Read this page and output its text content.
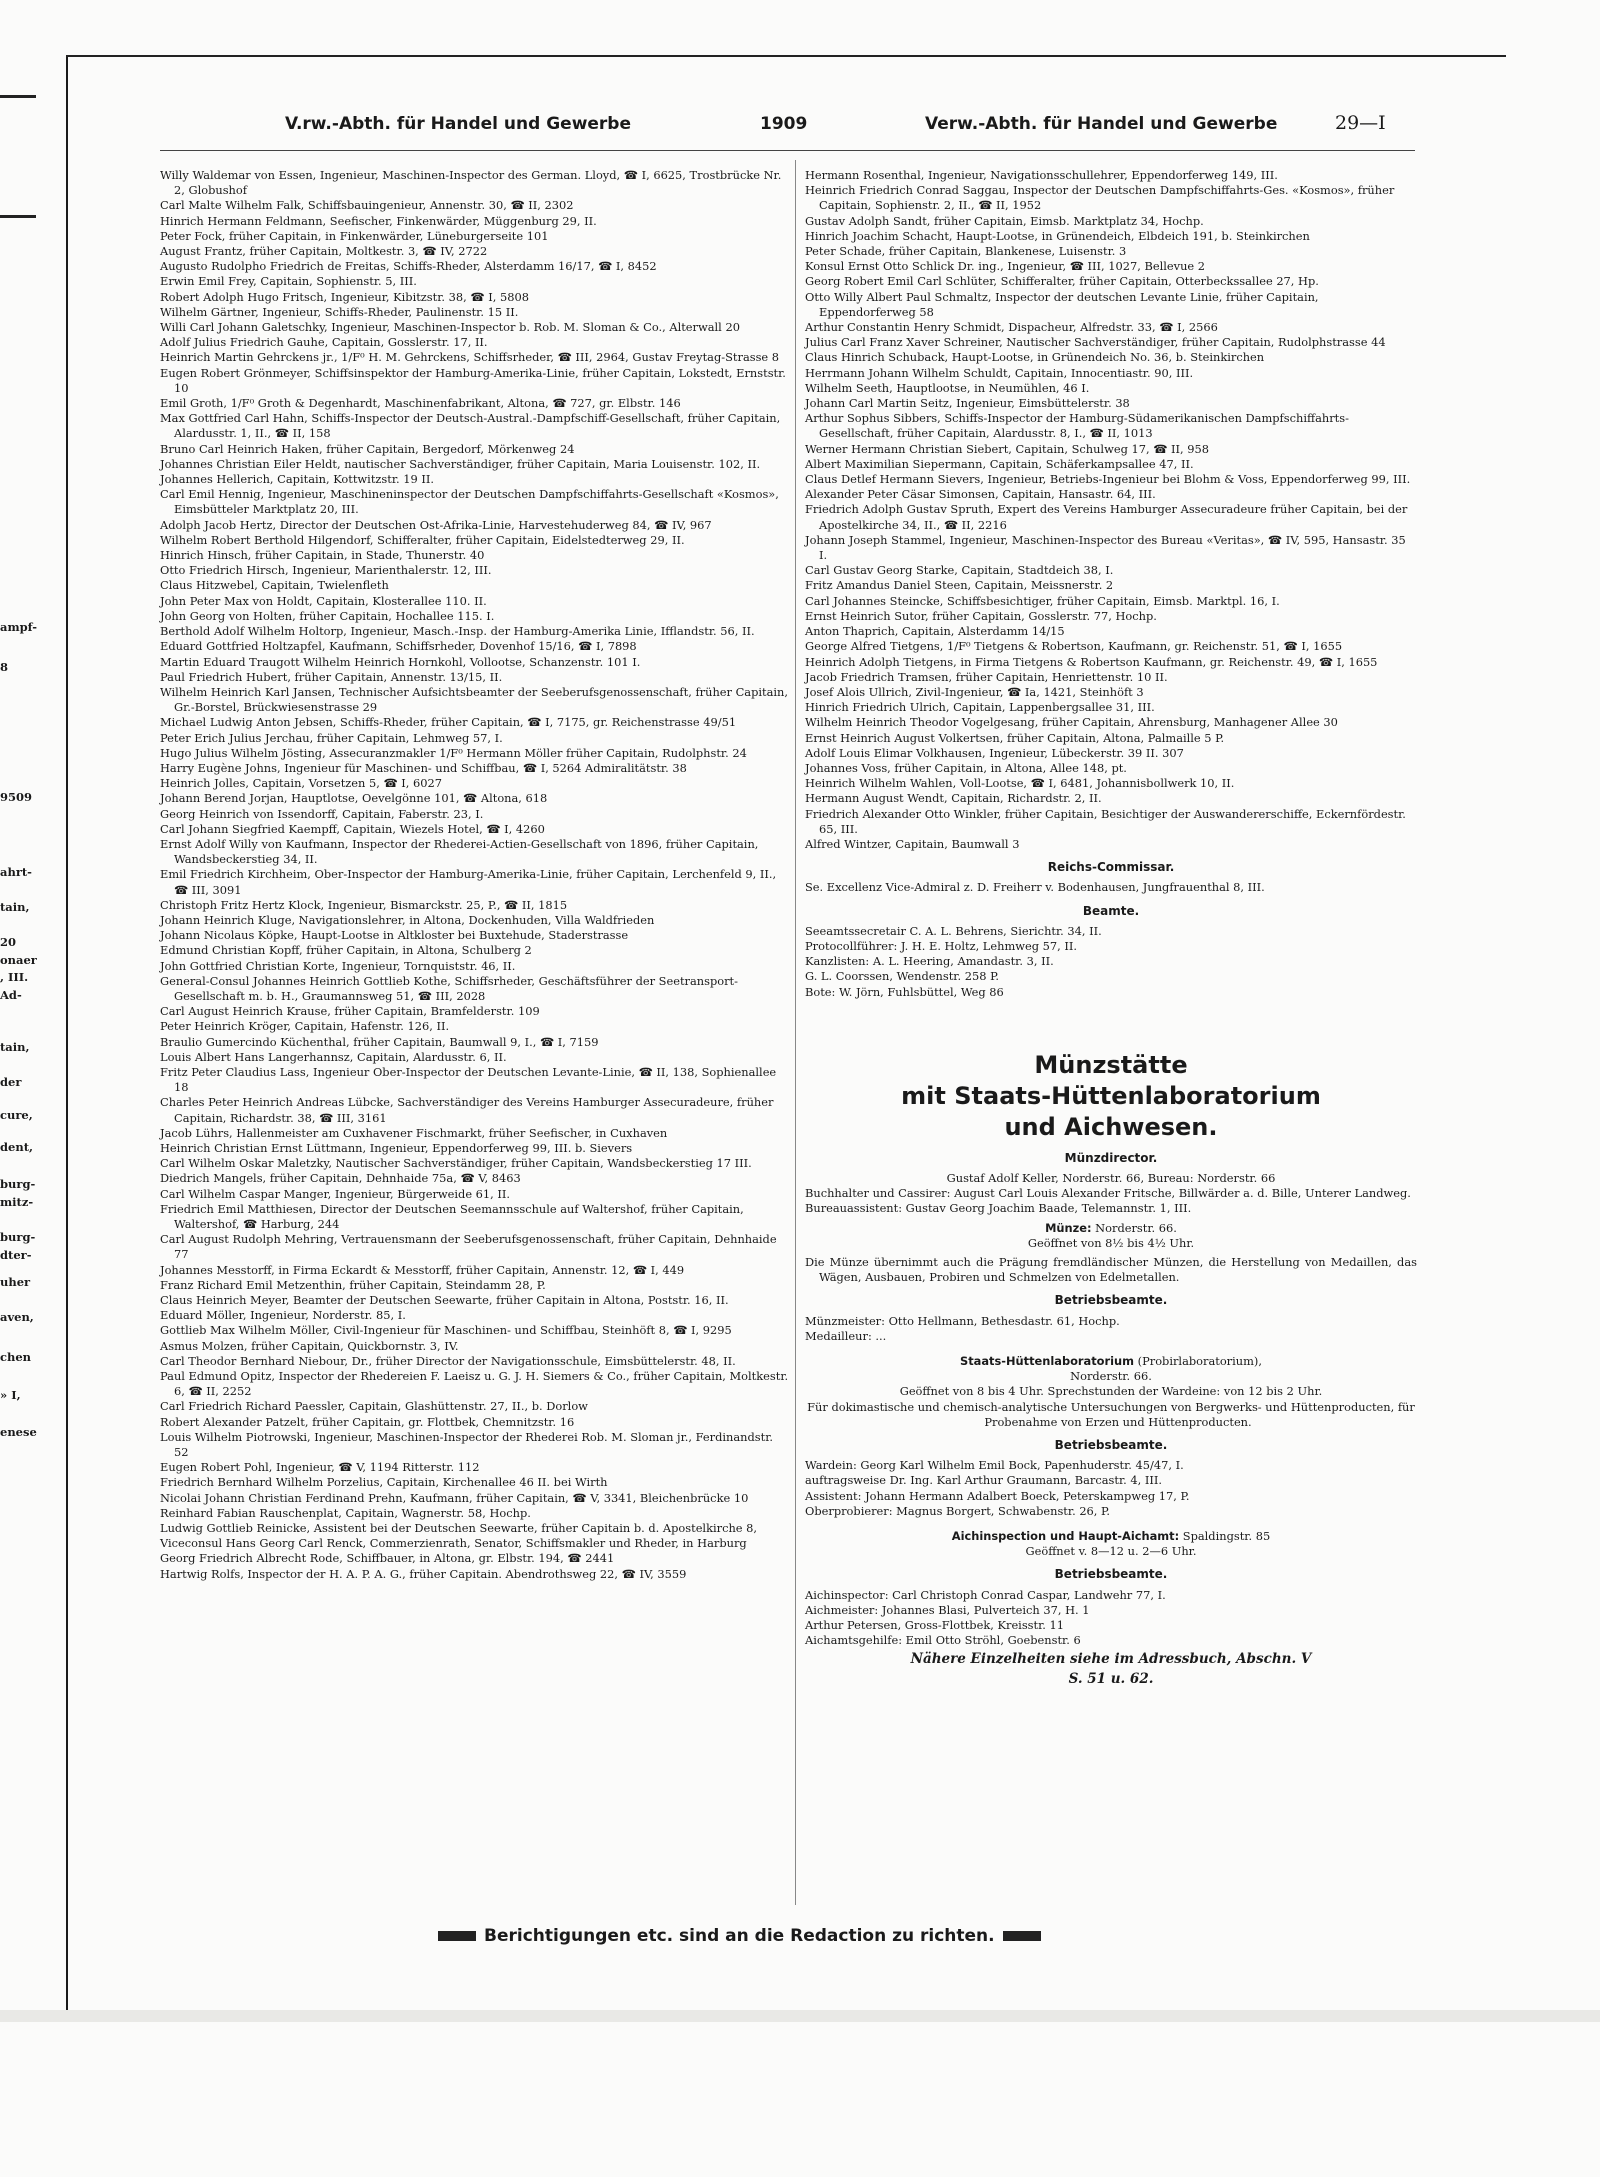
ampf-
8
9509
ahrt-
tain,
20
onaer
, III.
Ad-
tain,
der
cure,
dent,
burg-
mitz-
burg-
dter-
uher
aven,
chen
» I,
enese
V.rw.-Abth. für Handel und Gewerbe	1909	Verw.-Abth. für Handel und Gewerbe	29—I

Willy Waldemar von Essen, Ingenieur, Maschinen-Inspector des German. Lloyd, ☎ I, 6625, Trostbrücke Nr. 2, Globushof

Carl Malte Wilhelm Falk, Schiffsbauingenieur, Annenstr. 30, ☎ II, 2302

Hinrich Hermann Feldmann, Seefischer, Finkenwärder, Müggenburg 29, II.

Peter Fock, früher Capitain, in Finkenwärder, Lüneburgerseite 101

August Frantz, früher Capitain, Moltkestr. 3, ☎ IV, 2722

Augusto Rudolpho Friedrich de Freitas, Schiffs-Rheder, Alsterdamm 16/17, ☎ I, 8452

Erwin Emil Frey, Capitain, Sophienstr. 5, III.

Robert Adolph Hugo Fritsch, Ingenieur, Kibitzstr. 38, ☎ I, 5808

Wilhelm Gärtner, Ingenieur, Schiffs-Rheder, Paulinenstr. 15 II.

Willi Carl Johann Galetschky, Ingenieur, Maschinen-Inspector b. Rob. M. Sloman & Co., Alterwall 20

Adolf Julius Friedrich Gauhe, Capitain, Gosslerstr. 17, II.

Heinrich Martin Gehrckens jr., 1/F⁰ H. M. Gehrckens, Schiffsrheder, ☎ III, 2964, Gustav Freytag-Strasse 8

Eugen Robert Grönmeyer, Schiffsinspektor der Hamburg-Amerika-Linie, früher Capitain, Lokstedt, Ernststr. 10

Emil Groth, 1/F⁰ Groth & Degenhardt, Maschinenfabrikant, Altona, ☎ 727, gr. Elbstr. 146

Max Gottfried Carl Hahn, Schiffs-Inspector der Deutsch-Austral.-Dampfschiff-Gesellschaft, früher Capitain, Alardusstr. 1, II., ☎ II, 158

Bruno Carl Heinrich Haken, früher Capitain, Bergedorf, Mörkenweg 24

Johannes Christian Eiler Heldt, nautischer Sachverständiger, früher Capitain, Maria Louisenstr. 102, II.

Johannes Hellerich, Capitain, Kottwitzstr. 19 II.

Carl Emil Hennig, Ingenieur, Maschineninspector der Deutschen Dampfschiffahrts-Gesellschaft «Kosmos», Eimsbütteler Marktplatz 20, III.

Adolph Jacob Hertz, Director der Deutschen Ost-Afrika-Linie, Harvestehuderweg 84, ☎ IV, 967

Wilhelm Robert Berthold Hilgendorf, Schifferalter, früher Capitain, Eidelstedterweg 29, II.

Hinrich Hinsch, früher Capitain, in Stade, Thunerstr. 40

Otto Friedrich Hirsch, Ingenieur, Marienthalerstr. 12, III.

Claus Hitzwebel, Capitain, Twielenfleth

John Peter Max von Holdt, Capitain, Klosterallee 110. II.

John Georg von Holten, früher Capitain, Hochallee 115. I.

Berthold Adolf Wilhelm Holtorp, Ingenieur, Masch.-Insp. der Hamburg-Amerika Linie, Ifflandstr. 56, II.

Eduard Gottfried Holtzapfel, Kaufmann, Schiffsrheder, Dovenhof 15/16, ☎ I, 7898

Martin Eduard Traugott Wilhelm Heinrich Hornkohl, Vollootse, Schanzenstr. 101 I.

Paul Friedrich Hubert, früher Capitain, Annenstr. 13/15, II.

Wilhelm Heinrich Karl Jansen, Technischer Aufsichtsbeamter der Seeberufsgenossenschaft, früher Capitain, Gr.-Borstel, Brückwiesenstrasse 29

Michael Ludwig Anton Jebsen, Schiffs-Rheder, früher Capitain, ☎ I, 7175, gr. Reichenstrasse 49/51

Peter Erich Julius Jerchau, früher Capitain, Lehmweg 57, I.

Hugo Julius Wilhelm Jösting, Assecuranzmakler 1/F⁰ Hermann Möller früher Capitain, Rudolphstr. 24

Harry Eugène Johns, Ingenieur für Maschinen- und Schiffbau, ☎ I, 5264 Admiralitätstr. 38

Heinrich Jolles, Capitain, Vorsetzen 5, ☎ I, 6027

Johann Berend Jorjan, Hauptlotse, Oevelgönne 101, ☎ Altona, 618

Georg Heinrich von Issendorff, Capitain, Faberstr. 23, I.

Carl Johann Siegfried Kaempff, Capitain, Wiezels Hotel, ☎ I, 4260

Ernst Adolf Willy von Kaufmann, Inspector der Rhederei-Actien-Gesellschaft von 1896, früher Capitain, Wandsbeckerstieg 34, II.

Emil Friedrich Kirchheim, Ober-Inspector der Hamburg-Amerika-Linie, früher Capitain, Lerchenfeld 9, II., ☎ III, 3091

Christoph Fritz Hertz Klock, Ingenieur, Bismarckstr. 25, P., ☎ II, 1815

Johann Heinrich Kluge, Navigationslehrer, in Altona, Dockenhuden, Villa Waldfrieden

Johann Nicolaus Köpke, Haupt-Lootse in Altkloster bei Buxtehude, Staderstrasse

Edmund Christian Kopff, früher Capitain, in Altona, Schulberg 2

John Gottfried Christian Korte, Ingenieur, Tornquiststr. 46, II.

General-Consul Johannes Heinrich Gottlieb Kothe, Schiffsrheder, Geschäftsführer der Seetransport-Gesellschaft m. b. H., Graumannsweg 51, ☎ III, 2028

Carl August Heinrich Krause, früher Capitain, Bramfelderstr. 109

Peter Heinrich Kröger, Capitain, Hafenstr. 126, II.

Braulio Gumercindo Küchenthal, früher Capitain, Baumwall 9, I., ☎ I, 7159

Louis Albert Hans Langerhannsz, Capitain, Alardusstr. 6, II.

Fritz Peter Claudius Lass, Ingenieur Ober-Inspector der Deutschen Levante-Linie, ☎ II, 138, Sophienallee 18

Charles Peter Heinrich Andreas Lübcke, Sachverständiger des Vereins Hamburger Assecuradeure, früher Capitain, Richardstr. 38, ☎ III, 3161

Jacob Lührs, Hallenmeister am Cuxhavener Fischmarkt, früher Seefischer, in Cuxhaven

Heinrich Christian Ernst Lüttmann, Ingenieur, Eppendorferweg 99, III. b. Sievers

Carl Wilhelm Oskar Maletzky, Nautischer Sachverständiger, früher Capitain, Wandsbeckerstieg 17 III.

Diedrich Mangels, früher Capitain, Dehnhaide 75a, ☎ V, 8463

Carl Wilhelm Caspar Manger, Ingenieur, Bürgerweide 61, II.

Friedrich Emil Matthiesen, Director der Deutschen Seemannsschule auf Waltershof, früher Capitain, Waltershof, ☎ Harburg, 244

Carl August Rudolph Mehring, Vertrauensmann der Seeberufsgenossenschaft, früher Capitain, Dehnhaide 77

Johannes Messtorff, in Firma Eckardt & Messtorff, früher Capitain, Annenstr. 12, ☎ I, 449

Franz Richard Emil Metzenthin, früher Capitain, Steindamm 28, P.

Claus Heinrich Meyer, Beamter der Deutschen Seewarte, früher Capitain in Altona, Poststr. 16, II.

Eduard Möller, Ingenieur, Norderstr. 85, I.

Gottlieb Max Wilhelm Möller, Civil-Ingenieur für Maschinen- und Schiffbau, Steinhöft 8, ☎ I, 9295

Asmus Molzen, früher Capitain, Quickbornstr. 3, IV.

Carl Theodor Bernhard Niebour, Dr., früher Director der Navigationsschule, Eimsbüttelerstr. 48, II.

Paul Edmund Opitz, Inspector der Rhedereien F. Laeisz u. G. J. H. Siemers & Co., früher Capitain, Moltkestr. 6, ☎ II, 2252

Carl Friedrich Richard Paessler, Capitain, Glashüttenstr. 27, II., b. Dorlow

Robert Alexander Patzelt, früher Capitain, gr. Flottbek, Chemnitzstr. 16

Louis Wilhelm Piotrowski, Ingenieur, Maschinen-Inspector der Rhederei Rob. M. Sloman jr., Ferdinandstr. 52

Eugen Robert Pohl, Ingenieur, ☎ V, 1194 Ritterstr. 112

Friedrich Bernhard Wilhelm Porzelius, Capitain, Kirchenallee 46 II. bei Wirth

Nicolai Johann Christian Ferdinand Prehn, Kaufmann, früher Capitain, ☎ V, 3341, Bleichenbrücke 10

Reinhard Fabian Rauschenplat, Capitain, Wagnerstr. 58, Hochp.

Ludwig Gottlieb Reinicke, Assistent bei der Deutschen Seewarte, früher Capitain b. d. Apostelkirche 8,

Viceconsul Hans Georg Carl Renck, Commerzienrath, Senator, Schiffsmakler und Rheder, in Harburg

Georg Friedrich Albrecht Rode, Schiffbauer, in Altona, gr. Elbstr. 194, ☎ 2441

Hartwig Rolfs, Inspector der H. A. P. A. G., früher Capitain. Abendrothsweg 22, ☎ IV, 3559

Hermann Rosenthal, Ingenieur, Navigationsschullehrer, Eppendorferweg 149, III.

Heinrich Friedrich Conrad Saggau, Inspector der Deutschen Dampfschiffahrts-Ges. «Kosmos», früher Capitain, Sophienstr. 2, II., ☎ II, 1952

Gustav Adolph Sandt, früher Capitain, Eimsb. Marktplatz 34, Hochp.

Hinrich Joachim Schacht, Haupt-Lootse, in Grünendeich, Elbdeich 191, b. Steinkirchen

Peter Schade, früher Capitain, Blankenese, Luisenstr. 3

Konsul Ernst Otto Schlick Dr. ing., Ingenieur, ☎ III, 1027, Bellevue 2

Georg Robert Emil Carl Schlüter, Schifferalter, früher Capitain, Otterbeckssallee 27, Hp.

Otto Willy Albert Paul Schmaltz, Inspector der deutschen Levante Linie, früher Capitain, Eppendorferweg 58

Arthur Constantin Henry Schmidt, Dispacheur, Alfredstr. 33, ☎ I, 2566

Julius Carl Franz Xaver Schreiner, Nautischer Sachverständiger, früher Capitain, Rudolphstrasse 44

Claus Hinrich Schuback, Haupt-Lootse, in Grünendeich No. 36, b. Steinkirchen

Herrmann Johann Wilhelm Schuldt, Capitain, Innocentiastr. 90, III.

Wilhelm Seeth, Hauptlootse, in Neumühlen, 46 I.

Johann Carl Martin Seitz, Ingenieur, Eimsbüttelerstr. 38

Arthur Sophus Sibbers, Schiffs-Inspector der Hamburg-Südamerikanischen Dampfschiffahrts-Gesellschaft, früher Capitain, Alardusstr. 8, I., ☎ II, 1013

Werner Hermann Christian Siebert, Capitain, Schulweg 17, ☎ II, 958

Albert Maximilian Siepermann, Capitain, Schäferkampsallee 47, II.

Claus Detlef Hermann Sievers, Ingenieur, Betriebs-Ingenieur bei Blohm & Voss, Eppendorferweg 99, III.

Alexander Peter Cäsar Simonsen, Capitain, Hansastr. 64, III.

Friedrich Adolph Gustav Spruth, Expert des Vereins Hamburger Assecuradeure früher Capitain, bei der Apostelkirche 34, II., ☎ II, 2216

Johann Joseph Stammel, Ingenieur, Maschinen-Inspector des Bureau «Veritas», ☎ IV, 595, Hansastr. 35 I.

Carl Gustav Georg Starke, Capitain, Stadtdeich 38, I.

Fritz Amandus Daniel Steen, Capitain, Meissnerstr. 2

Carl Johannes Steincke, Schiffsbesichtiger, früher Capitain, Eimsb. Marktpl. 16, I.

Ernst Heinrich Sutor, früher Capitain, Gosslerstr. 77, Hochp.

Anton Thaprich, Capitain, Alsterdamm 14/15

George Alfred Tietgens, 1/F⁰ Tietgens & Robertson, Kaufmann, gr. Reichenstr. 51, ☎ I, 1655

Heinrich Adolph Tietgens, in Firma Tietgens & Robertson Kaufmann, gr. Reichenstr. 49, ☎ I, 1655

Jacob Friedrich Tramsen, früher Capitain, Henriettenstr. 10 II.

Josef Alois Ullrich, Zivil-Ingenieur, ☎ Ia, 1421, Steinhöft 3

Hinrich Friedrich Ulrich, Capitain, Lappenbergsallee 31, III.

Wilhelm Heinrich Theodor Vogelgesang, früher Capitain, Ahrensburg, Manhagener Allee 30

Ernst Heinrich August Volkertsen, früher Capitain, Altona, Palmaille 5 P.

Adolf Louis Elimar Volkhausen, Ingenieur, Lübeckerstr. 39 II. 307

Johannes Voss, früher Capitain, in Altona, Allee 148, pt.

Heinrich Wilhelm Wahlen, Voll-Lootse, ☎ I, 6481, Johannisbollwerk 10, II.

Hermann August Wendt, Capitain, Richardstr. 2, II.

Friedrich Alexander Otto Winkler, früher Capitain, Besichtiger der Auswandererschiffe, Eckernfördestr. 65, III.

Alfred Wintzer, Capitain, Baumwall 3

Reichs-Commissar.

Se. Excellenz Vice-Admiral z. D. Freiherr v. Bodenhausen, Jungfrauenthal 8, III.

Beamte.

Seeamtssecretair C. A. L. Behrens, Sierichtr. 34, II.

Protocollführer: J. H. E. Holtz, Lehmweg 57, II.

Kanzlisten: A. L. Heering, Amandastr. 3, II.

G. L. Coorssen, Wendenstr. 258 P.

Bote: W. Jörn, Fuhlsbüttel, Weg 86

Münzstätte

mit Staats-Hüttenlaboratorium

und Aichwesen.

Münzdirector.

Gustaf Adolf Keller, Norderstr. 66, Bureau: Norderstr. 66

Buchhalter und Cassirer: August Carl Louis Alexander Fritsche, Billwärder a. d. Bille, Unterer Landweg.

Bureauassistent: Gustav Georg Joachim Baade, Telemannstr. 1, III.

Münze: Norderstr. 66.

Geöffnet von 8½ bis 4½ Uhr.

Die Münze übernimmt auch die Prägung fremdländischer Münzen, die Herstellung von Medaillen, das Wägen, Ausbauen, Probiren und Schmelzen von Edelmetallen.

Betriebsbeamte.

Münzmeister: Otto Hellmann, Bethesdastr. 61, Hochp.

Medailleur: ...

Staats-Hüttenlaboratorium (Probirlaboratorium),

Norderstr. 66.

Geöffnet von 8 bis 4 Uhr. Sprechstunden der Wardeine: von 12 bis 2 Uhr.

Für dokimastische und chemisch-analytische Untersuchungen von Bergwerks- und Hüttenproducten, für Probenahme von Erzen und Hüttenproducten.

Betriebsbeamte.

Wardein: Georg Karl Wilhelm Emil Bock, Papenhuderstr. 45/47, I.

auftragsweise Dr. Ing. Karl Arthur Graumann, Barcastr. 4, III.

Assistent: Johann Hermann Adalbert Boeck, Peterskampweg 17, P.

Oberprobierer: Magnus Borgert, Schwabenstr. 26, P.

Aichinspection und Haupt-Aichamt: Spaldingstr. 85

Geöffnet v. 8—12 u. 2—6 Uhr.

Betriebsbeamte.

Aichinspector: Carl Christoph Conrad Caspar, Landwehr 77, I.

Aichmeister: Johannes Blasi, Pulverteich 37, H. 1

Arthur Petersen, Gross-Flottbek, Kreisstr. 11

Aichamtsgehilfe: Emil Otto Ströhl, Goebenstr. 6

Nähere Einzelheiten siehe im Adressbuch, Abschn. V

S. 51 u. 62.

Berichtigungen etc. sind an die Redaction zu richten.
